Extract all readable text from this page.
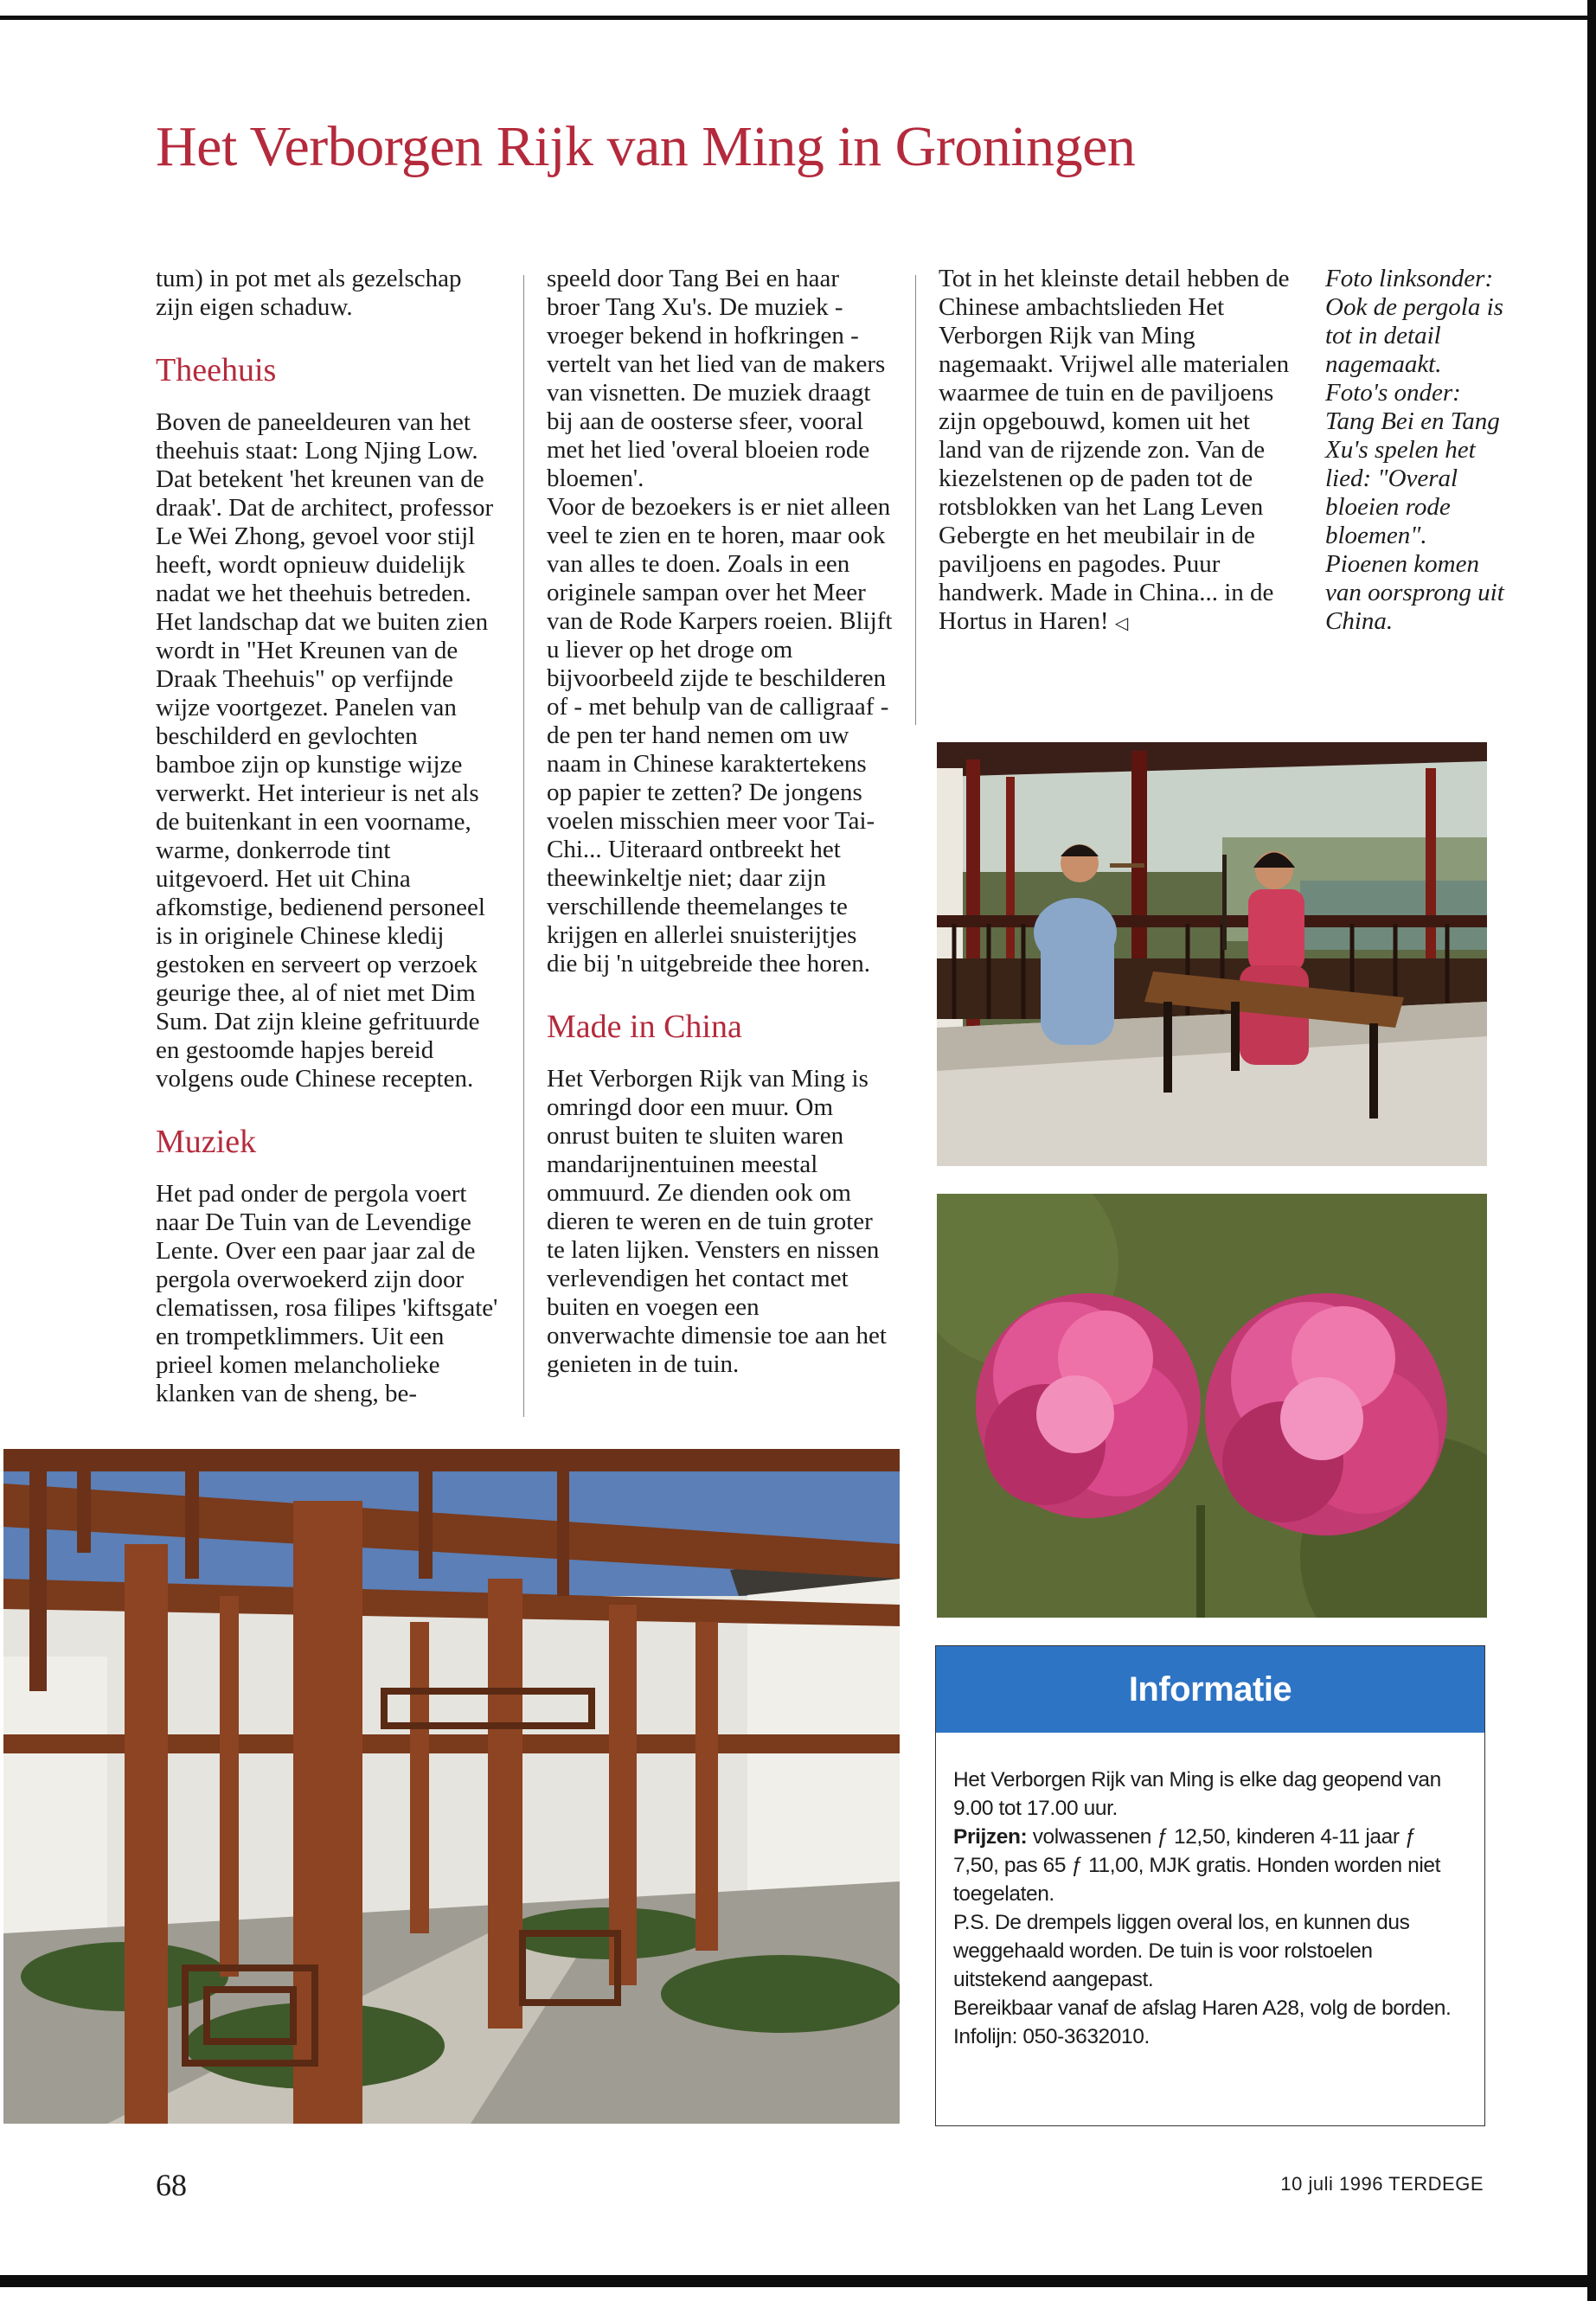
Het Verborgen Rijk van Ming in Groningen

tum) in pot met als gezelschap zijn eigen schaduw.

Theehuis

Boven de paneeldeuren van het theehuis staat: Long Njing Low. Dat betekent 'het kreunen van de draak'. Dat de architect, professor Le Wei Zhong, gevoel voor stijl heeft, wordt opnieuw duidelijk nadat we het theehuis betreden. Het landschap dat we buiten zien wordt in "Het Kreunen van de Draak Theehuis" op verfijnde wijze voortgezet. Panelen van beschilderd en gevlochten bamboe zijn op kunstige wijze verwerkt. Het interieur is net als de buitenkant in een voorname, warme, donkerrode tint uitgevoerd. Het uit China afkomstige, bedienend personeel is in originele Chinese kledij gestoken en serveert op verzoek geurige thee, al of niet met Dim Sum. Dat zijn kleine gefrituurde en gestoomde hapjes bereid volgens oude Chinese recepten.

Muziek

Het pad onder de pergola voert naar De Tuin van de Levendige Lente. Over een paar jaar zal de pergola overwoekerd zijn door clematissen, rosa filipes 'kiftsgate' en trompetklimmers. Uit een prieel komen melancholieke klanken van de sheng, be-

speeld door Tang Bei en haar broer Tang Xu's. De muziek - vroeger bekend in hofkringen - vertelt van het lied van de makers van visnetten. De muziek draagt bij aan de oosterse sfeer, vooral met het lied 'overal bloeien rode bloemen'.

Voor de bezoekers is er niet alleen veel te zien en te horen, maar ook van alles te doen. Zoals in een originele sampan over het Meer van de Rode Karpers roeien. Blijft u liever op het droge om bijvoorbeeld zijde te beschilderen of - met behulp van de calligraaf - de pen ter hand nemen om uw naam in Chinese karaktertekens op papier te zetten? De jongens voelen misschien meer voor Tai-Chi... Uiteraard ontbreekt het theewinkeltje niet; daar zijn verschillende theemelanges te krijgen en allerlei snuisterijtjes die bij 'n uitgebreide thee horen.

Made in China

Het Verborgen Rijk van Ming is omringd door een muur. Om onrust buiten te sluiten waren mandarijnentuinen meestal ommuurd. Ze dienden ook om dieren te weren en de tuin groter te laten lijken. Vensters en nissen verlevendigen het contact met buiten en voegen een onverwachte dimensie toe aan het genieten in de tuin.

Tot in het kleinste detail hebben de Chinese ambachtslieden Het Verborgen Rijk van Ming nagemaakt. Vrijwel alle materialen waarmee de tuin en de paviljoens zijn opgebouwd, komen uit het land van de rijzende zon. Van de kiezelstenen op de paden tot de rotsblokken van het Lang Leven Gebergte en het meubilair in de paviljoens en pagodes. Puur handwerk. Made in China... in de Hortus in Haren! ◁

Foto linksonder: Ook de pergola is tot in detail nagemaakt.
Foto's onder: Tang Bei en Tang Xu's spelen het lied: "Overal bloeien rode bloemen".
Pioenen komen van oorsprong uit China.
Informatie

Het Verborgen Rijk van Ming is elke dag geopend van 9.00 tot 17.00 uur.

Prijzen: volwassenen ƒ 12,50, kinderen 4-11 jaar ƒ 7,50, pas 65 ƒ 11,00, MJK gratis. Honden worden niet toegelaten.

P.S. De drempels liggen overal los, en kunnen dus weggehaald worden. De tuin is voor rolstoelen uitstekend aangepast.

Bereikbaar vanaf de afslag Haren A28, volg de borden. Infolijn: 050-3632010.

68	10 juli 1996 TERDEGE
